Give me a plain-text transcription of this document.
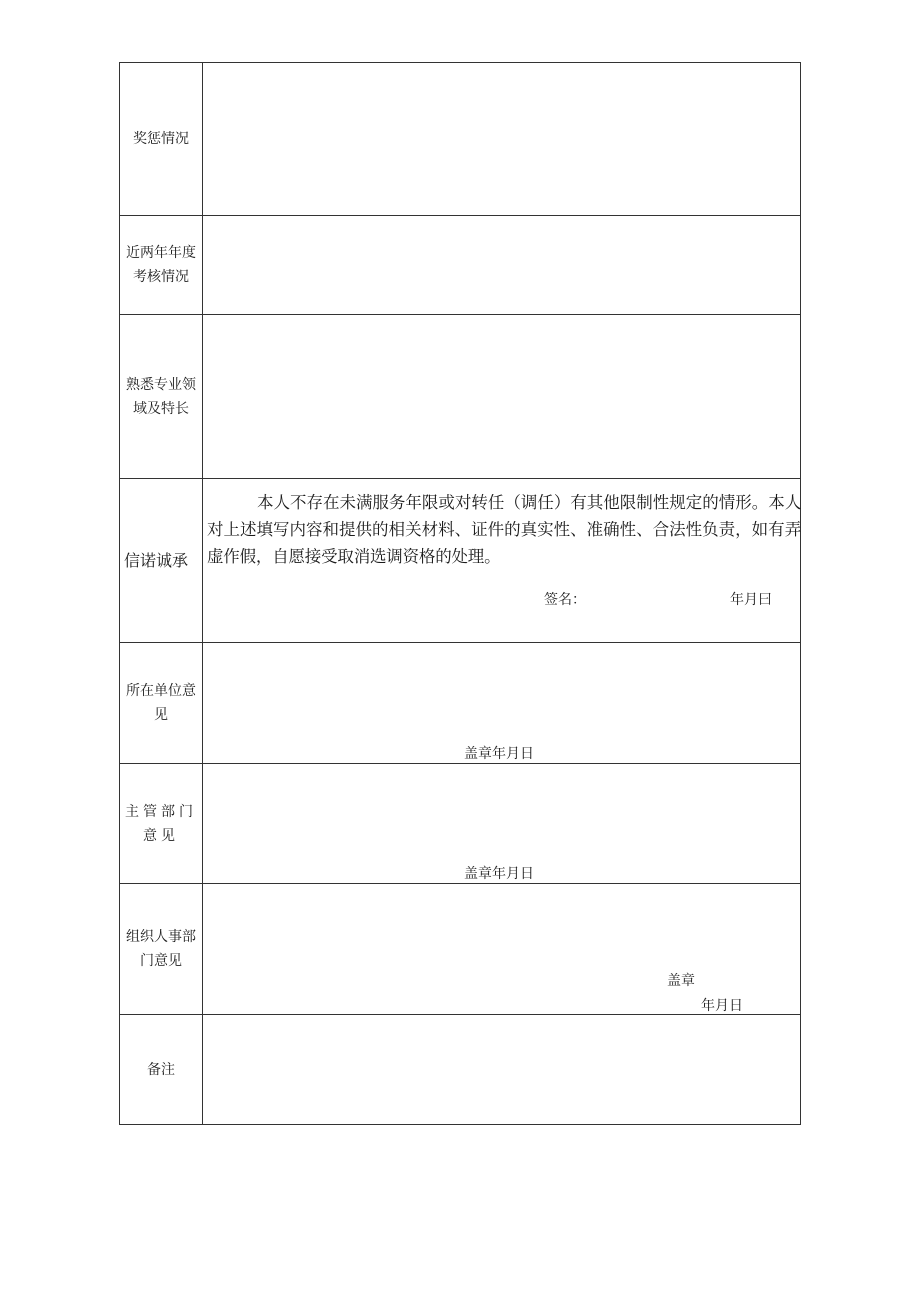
奖惩情况
近两年年度考核情况
熟悉专业领域及特长
信诺诚承
本人不存在未满服务年限或对转任（调任）有其他限制性规定的情形。本人对上述填写内容和提供的相关材料、证件的真实性、准确性、合法性负责，如有弄虚作假，自愿接受取消选调资格的处理。
签名：	年月曰
所在单位意见
盖章年月日
主管部门意见
盖章年月日
组织人事部门意见
盖章
年月日
备注
